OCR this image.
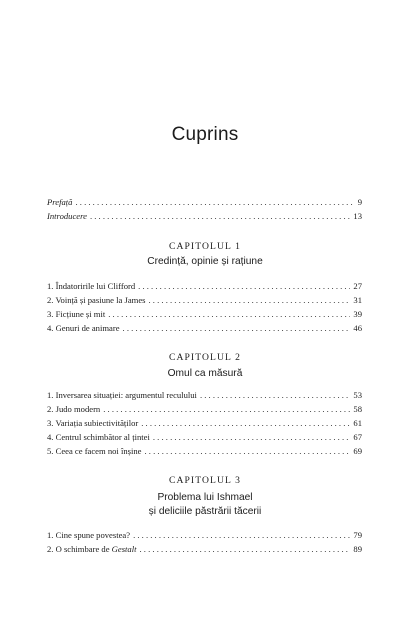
Cuprins
Prefață . . .	9
Introducere . . .	13
CAPITOLUL 1
Credință, opinie și rațiune
1. Îndatoririle lui Clifford . . .	27
2. Voință și pasiune la James . . .	31
3. Ficțiune și mit . . .	39
4. Genuri de animare . . .	46
CAPITOLUL 2
Omul ca măsură
1. Inversarea situației: argumentul reculului . . .	53
2. Judo modern . . .	58
3. Variația subiectivităților . . .	61
4. Centrul schimbător al țintei . . .	67
5. Ceea ce facem noi înșine . . .	69
CAPITOLUL 3
Problema lui Ishmael
și deliciile păstrării tăcerii
1. Cine spune povestea? . . .	79
2. O schimbare de Gestalt . . .	89
